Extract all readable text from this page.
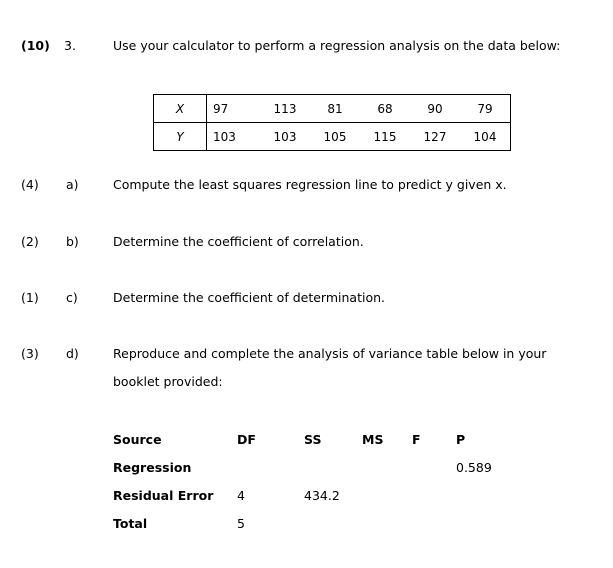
(10) 3.	Use your calculator to perform a regression analysis on the data below:
X	97	113	81	68	90	79
Y	103	103	105	115	127	104
(4) a)	Compute the least squares regression line to predict y given x.
(2) b)	Determine the coefficient of correlation.
(1) c)	Determine the coefficient of determination.
(3) d)	Reproduce and complete the analysis of variance table below in your
booklet provided:
Source	DF	SS	MS	F	P
Regression					0.589
Residual Error	4	434.2			
Total	5				
